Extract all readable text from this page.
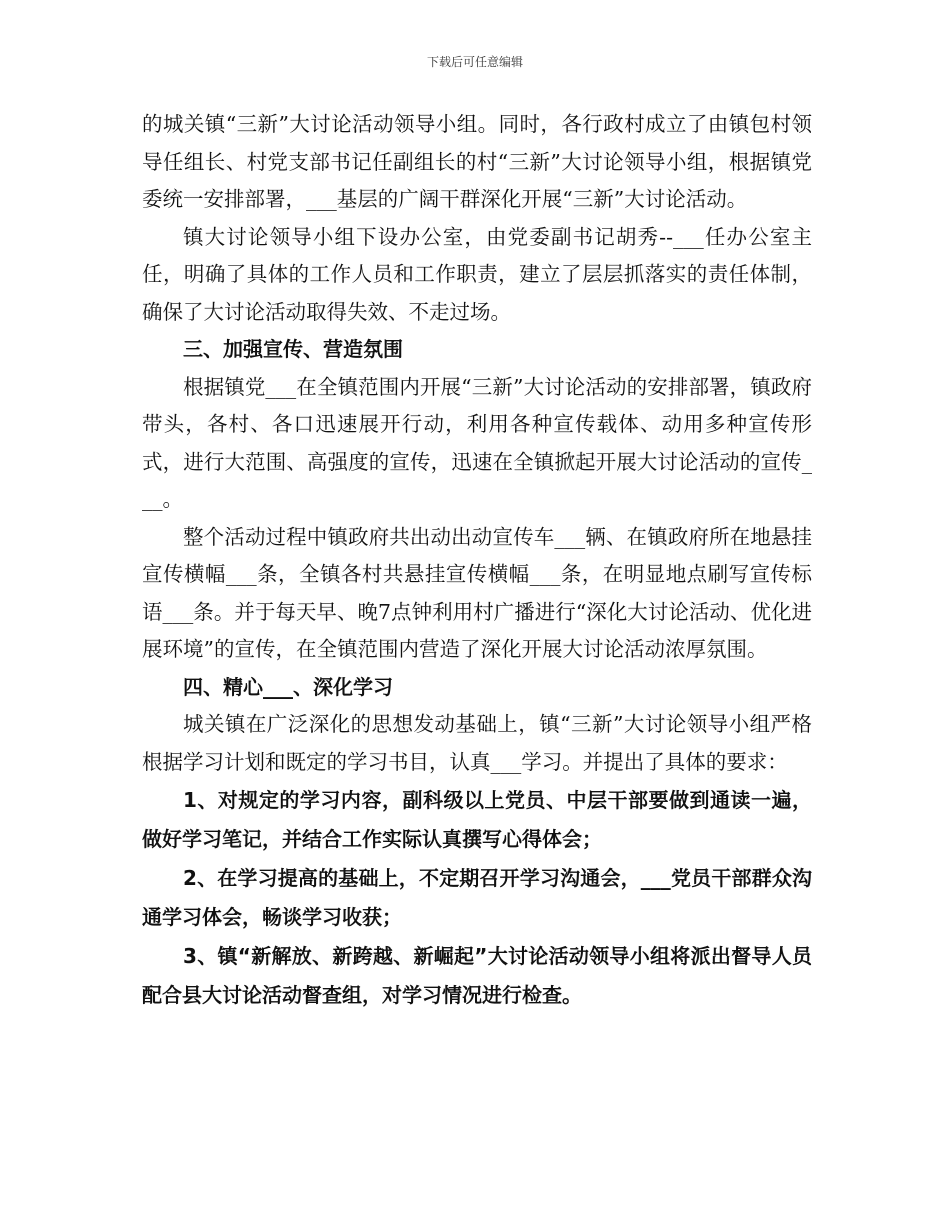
下载后可任意编辑

的城关镇“三新”大讨论活动领导小组。同时，各行政村成立了由镇包村领导任组长、村党支部书记任副组长的村“三新”大讨论领导小组，根据镇党委统一安排部署，___基层的广阔干群深化开展“三新”大讨论活动。

镇大讨论领导小组下设办公室，由党委副书记胡秀--___任办公室主任，明确了具体的工作人员和工作职责，建立了层层抓落实的责任体制，确保了大讨论活动取得失效、不走过场。

三、加强宣传、营造氛围

根据镇党___在全镇范围内开展“三新”大讨论活动的安排部署，镇政府带头，各村、各口迅速展开行动，利用各种宣传载体、动用多种宣传形式，进行大范围、高强度的宣传，迅速在全镇掀起开展大讨论活动的宣传___。

整个活动过程中镇政府共出动出动宣传车___辆、在镇政府所在地悬挂宣传横幅___条，全镇各村共悬挂宣传横幅___条，在明显地点刷写宣传标语___条。并于每天早、晚7点钟利用村广播进行“深化大讨论活动、优化进展环境”的宣传，在全镇范围内营造了深化开展大讨论活动浓厚氛围。

四、精心___、深化学习

城关镇在广泛深化的思想发动基础上，镇“三新”大讨论领导小组严格根据学习计划和既定的学习书目，认真___学习。并提出了具体的要求：

1、对规定的学习内容，副科级以上党员、中层干部要做到通读一遍，做好学习笔记，并结合工作实际认真撰写心得体会；

2、在学习提高的基础上，不定期召开学习沟通会，___党员干部群众沟通学习体会，畅谈学习收获；

3、镇“新解放、新跨越、新崛起”大讨论活动领导小组将派出督导人员配合县大讨论活动督查组，对学习情况进行检查。
